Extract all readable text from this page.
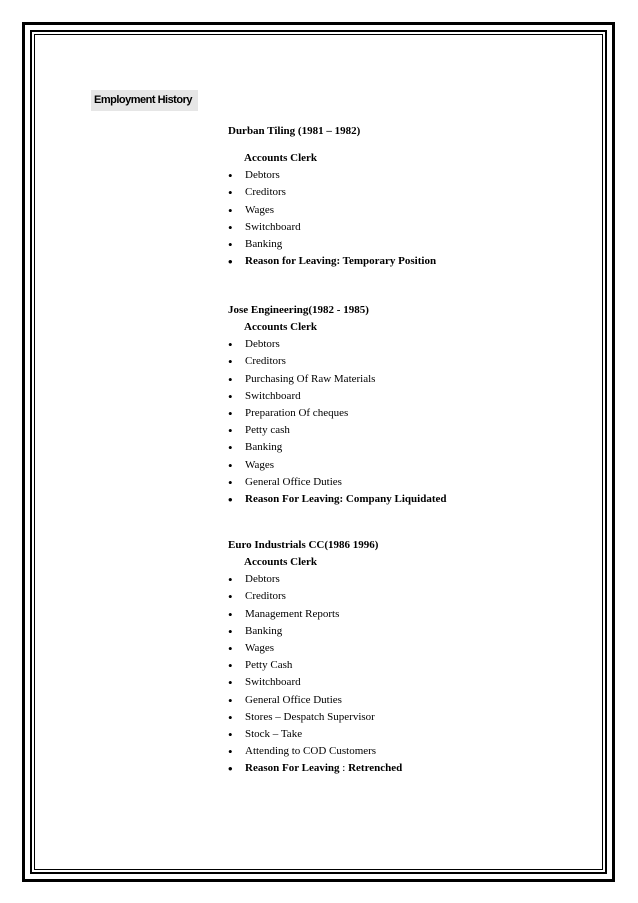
Employment History
Durban Tiling (1981 – 1982)
Accounts Clerk
• Debtors
• Creditors
• Wages
• Switchboard
• Banking
• Reason for Leaving: Temporary Position
Jose Engineering(1982 - 1985)
Accounts Clerk
• Debtors
• Creditors
• Purchasing Of Raw Materials
• Switchboard
• Preparation Of cheques
• Petty cash
• Banking
• Wages
• General Office Duties
• Reason For Leaving: Company Liquidated
Euro Industrials CC(1986 1996)
Accounts Clerk
• Debtors
• Creditors
• Management Reports
• Banking
• Wages
• Petty Cash
• Switchboard
• General Office Duties
• Stores – Despatch Supervisor
• Stock – Take
• Attending to COD Customers
• Reason For Leaving : Retrenched
